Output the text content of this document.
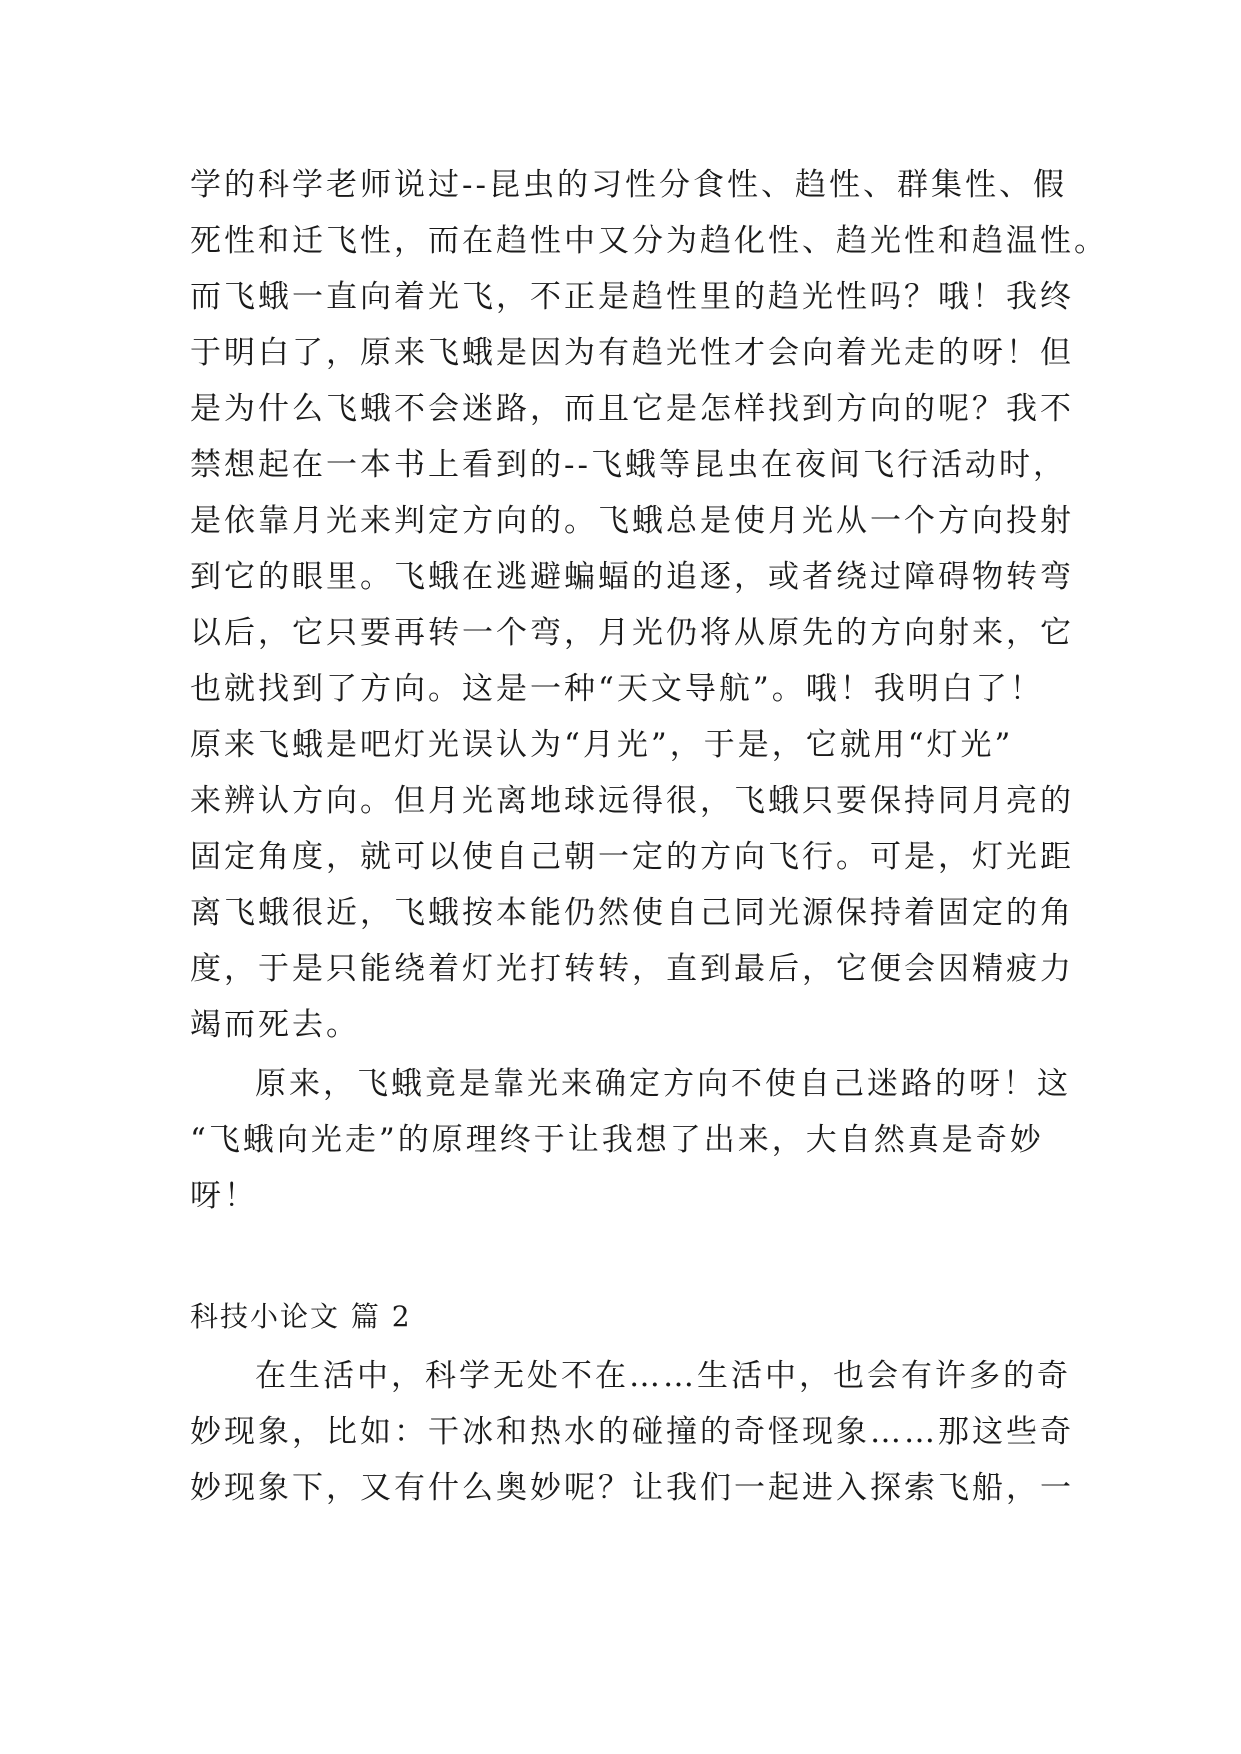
学的科学老师说过--昆虫的习性分食性、趋性、群集性、假
死性和迁飞性，而在趋性中又分为趋化性、趋光性和趋温性。
而飞蛾一直向着光飞，不正是趋性里的趋光性吗？哦！我终
于明白了，原来飞蛾是因为有趋光性才会向着光走的呀！但
是为什么飞蛾不会迷路，而且它是怎样找到方向的呢？我不
禁想起在一本书上看到的--飞蛾等昆虫在夜间飞行活动时，
是依靠月光来判定方向的。飞蛾总是使月光从一个方向投射
到它的眼里。飞蛾在逃避蝙蝠的追逐，或者绕过障碍物转弯
以后，它只要再转一个弯，月光仍将从原先的方向射来，它
也就找到了方向。这是一种“天文导航”。哦！我明白了！
原来飞蛾是吧灯光误认为“月光”，于是，它就用“灯光”
来辨认方向。但月光离地球远得很，飞蛾只要保持同月亮的
固定角度，就可以使自己朝一定的方向飞行。可是，灯光距
离飞蛾很近，飞蛾按本能仍然使自己同光源保持着固定的角
度，于是只能绕着灯光打转转，直到最后，它便会因精疲力
竭而死去。
原来，飞蛾竟是靠光来确定方向不使自己迷路的呀！这
“飞蛾向光走”的原理终于让我想了出来，大自然真是奇妙
呀！
科技小论文 篇 2
在生活中，科学无处不在……生活中，也会有许多的奇
妙现象，比如：干冰和热水的碰撞的奇怪现象……那这些奇
妙现象下，又有什么奥妙呢？让我们一起进入探索飞船，一
